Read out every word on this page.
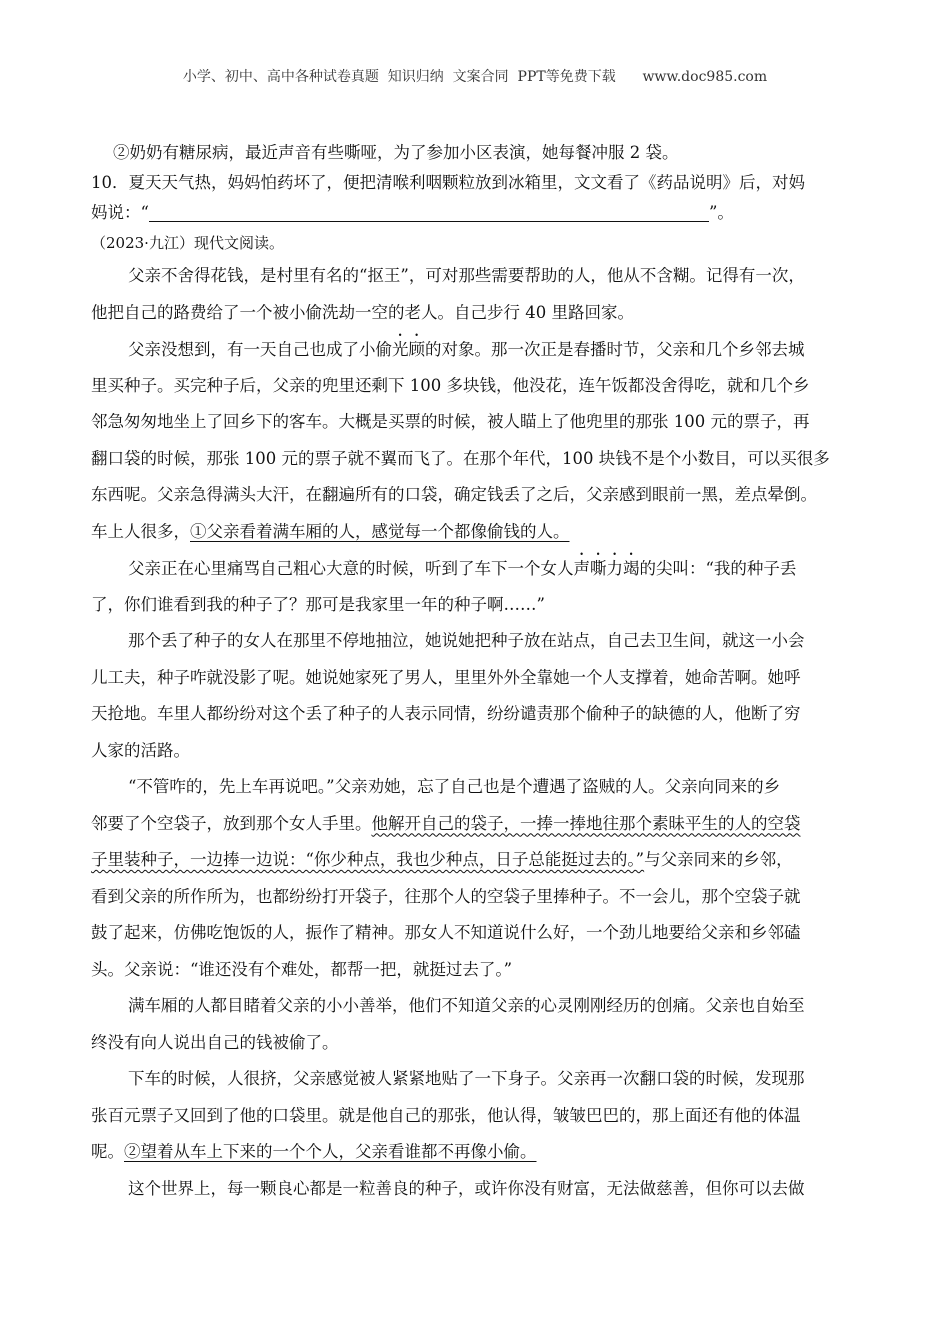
小学、初中、高中各种试卷真题  知识归纳  文案合同  PPT等免费下载      www.doc985.com
②奶奶有糖尿病，最近声音有些嘶哑，为了参加小区表演，她每餐冲服 2 袋。
10．夏天天气热，妈妈怕药坏了，便把清喉利咽颗粒放到冰箱里，文文看了《药品说明》后，对妈
妈说：“	”。
（2023·九江）现代文阅读。
父亲不舍得花钱，是村里有名的“抠王”，可对那些需要帮助的人，他从不含糊。记得有一次，
他把自己的路费给了一个被小偷洗劫一空的老人。自己步行 40 里路回家。
父亲没想到，有一天自己也成了小偷光顾的对象。那一次正是春播时节，父亲和几个乡邻去城
里买种子。买完种子后，父亲的兜里还剩下 100 多块钱，他没花，连午饭都没舍得吃，就和几个乡
邻急匆匆地坐上了回乡下的客车。大概是买票的时候，被人瞄上了他兜里的那张 100 元的票子，再
翻口袋的时候，那张 100 元的票子就不翼而飞了。在那个年代，100 块钱不是个小数目，可以买很多
东西呢。父亲急得满头大汗，在翻遍所有的口袋，确定钱丢了之后，父亲感到眼前一黑，差点晕倒。
车上人很多，①父亲看着满车厢的人，感觉每一个都像偷钱的人。
父亲正在心里痛骂自己粗心大意的时候，听到了车下一个女人声嘶力竭的尖叫：“我的种子丢
了，你们谁看到我的种子了？那可是我家里一年的种子啊……”
那个丢了种子的女人在那里不停地抽泣，她说她把种子放在站点，自己去卫生间，就这一小会
儿工夫，种子咋就没影了呢。她说她家死了男人，里里外外全靠她一个人支撑着，她命苦啊。她呼
天抢地。车里人都纷纷对这个丢了种子的人表示同情，纷纷谴责那个偷种子的缺德的人，他断了穷
人家的活路。
“不管咋的，先上车再说吧。”父亲劝她，忘了自己也是个遭遇了盗贼的人。父亲向同来的乡
邻要了个空袋子，放到那个女人手里。他解开自己的袋子，一捧一捧地往那个素昧平生的人的空袋
子里装种子，一边捧一边说：“你少种点，我也少种点，日子总能挺过去的。”与父亲同来的乡邻，
看到父亲的所作所为，也都纷纷打开袋子，往那个人的空袋子里捧种子。不一会儿，那个空袋子就
鼓了起来，仿佛吃饱饭的人，振作了精神。那女人不知道说什么好，一个劲儿地要给父亲和乡邻磕
头。父亲说：“谁还没有个难处，都帮一把，就挺过去了。”
满车厢的人都目睹着父亲的小小善举，他们不知道父亲的心灵刚刚经历的创痛。父亲也自始至
终没有向人说出自己的钱被偷了。
下车的时候，人很挤，父亲感觉被人紧紧地贴了一下身子。父亲再一次翻口袋的时候，发现那
张百元票子又回到了他的口袋里。就是他自己的那张，他认得，皱皱巴巴的，那上面还有他的体温
呢。②望着从车上下来的一个个人，父亲看谁都不再像小偷。
这个世界上，每一颗良心都是一粒善良的种子，或许你没有财富，无法做慈善，但你可以去做
